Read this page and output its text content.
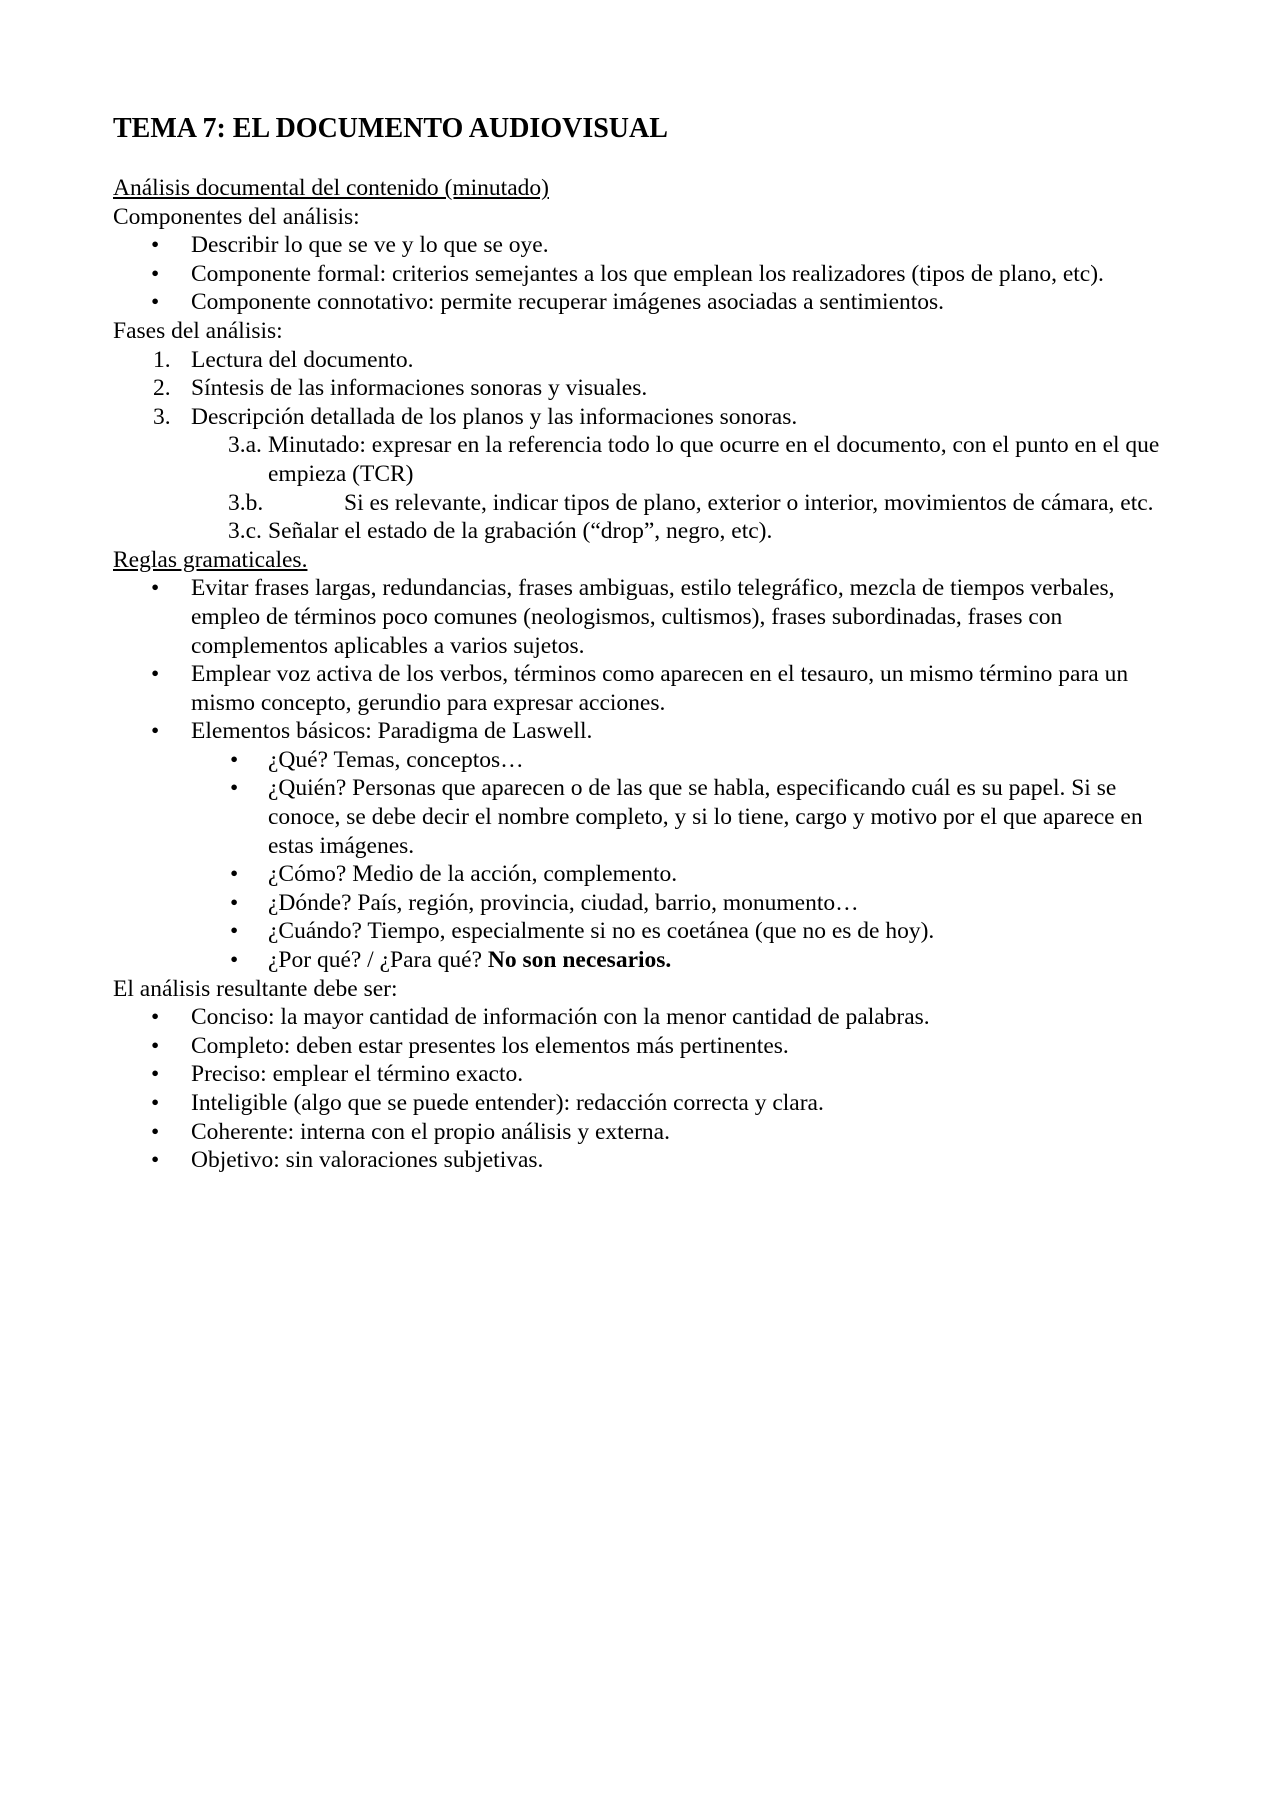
TEMA 7: EL DOCUMENTO AUDIOVISUAL

Análisis documental del contenido (minutado)

Componentes del análisis:

• Describir lo que se ve y lo que se oye.
• Componente formal: criterios semejantes a los que emplean los realizadores (tipos de plano, etc).
• Componente connotativo: permite recuperar imágenes asociadas a sentimientos.

Fases del análisis:

1. Lectura del documento.
2. Síntesis de las informaciones sonoras y visuales.
3. Descripción detallada de los planos y las informaciones sonoras.
3.a. Minutado: expresar en la referencia todo lo que ocurre en el documento, con el punto en el que empieza (TCR)
3.b.	Si es relevante, indicar tipos de plano, exterior o interior, movimientos de cámara, etc.
3.c. Señalar el estado de la grabación (“drop”, negro, etc).

Reglas gramaticales.

• Evitar frases largas, redundancias, frases ambiguas, estilo telegráfico, mezcla de tiempos verbales, empleo de términos poco comunes (neologismos, cultismos), frases subordinadas, frases con complementos aplicables a varios sujetos.
• Emplear voz activa de los verbos, términos como aparecen en el tesauro, un mismo término para un mismo concepto, gerundio para expresar acciones.
• Elementos básicos: Paradigma de Laswell.
• ¿Qué? Temas, conceptos…
• ¿Quién? Personas que aparecen o de las que se habla, especificando cuál es su papel. Si se conoce, se debe decir el nombre completo, y si lo tiene, cargo y motivo por el que aparece en estas imágenes.
• ¿Cómo? Medio de la acción, complemento.
• ¿Dónde? País, región, provincia, ciudad, barrio, monumento…
• ¿Cuándo? Tiempo, especialmente si no es coetánea (que no es de hoy).
• ¿Por qué? / ¿Para qué? No son necesarios.

El análisis resultante debe ser:

• Conciso: la mayor cantidad de información con la menor cantidad de palabras.
• Completo: deben estar presentes los elementos más pertinentes.
• Preciso: emplear el término exacto.
• Inteligible (algo que se puede entender): redacción correcta y clara.
• Coherente: interna con el propio análisis y externa.
• Objetivo: sin valoraciones subjetivas.
